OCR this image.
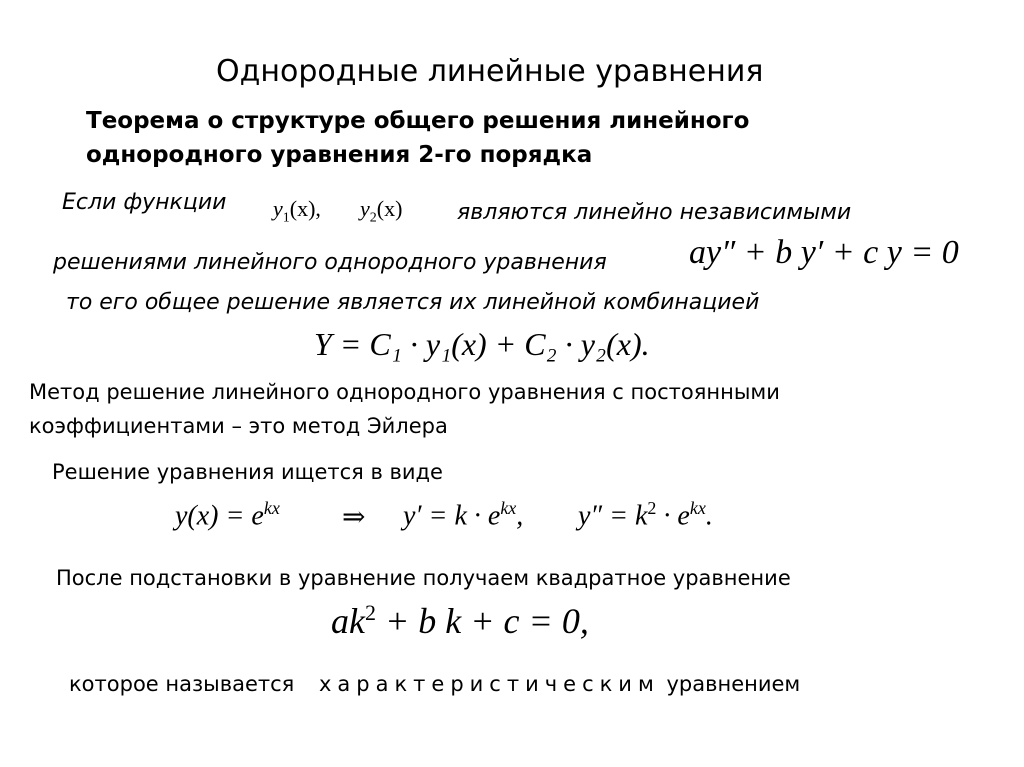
Однородные линейные уравнения
Теорема о структуре общего решения линейного
однородного уравнения 2-го порядка
Если функции $y_1(x)$, $y_2(x)$ являются линейно независимыми
решениями линейного однородного уравнения ay″ + b y′ + c y = 0
то его общее решение является их линейной комбинацией
Y = C₁ · y₁(x) + C₂ · y₂(x).
Метод решение линейного однородного уравнения с постоянными
коэффициентами – это метод Эйлера
Решение уравнения ищется в виде
$y(x) = e^{kx}$ ⇒ $y' = k \cdot e^{kx}$, $y'' = k^2 \cdot e^{kx}$.
После подстановки в уравнение получаем квадратное уравнение
$ak^2 + b$ k + c = 0,
которое называется характеристическим уравнением
